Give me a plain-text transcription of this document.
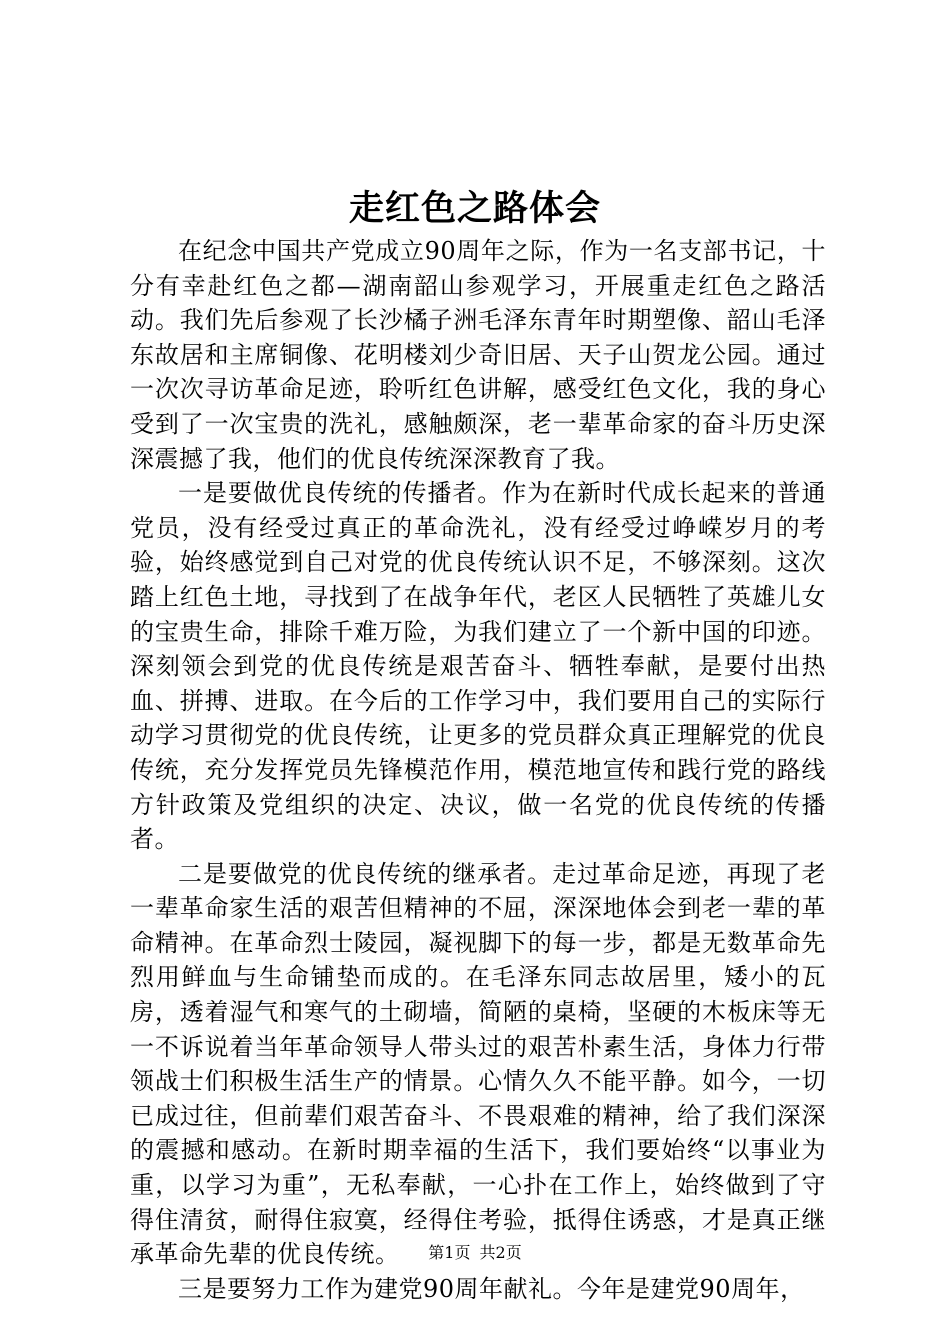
走红色之路体会

在纪念中国共产党成立90周年之际，作为一名支部书记，十分有幸赴红色之都—湖南韶山参观学习，开展重走红色之路活动。我们先后参观了长沙橘子洲毛泽东青年时期塑像、韶山毛泽东故居和主席铜像、花明楼刘少奇旧居、天子山贺龙公园。通过一次次寻访革命足迹，聆听红色讲解，感受红色文化，我的身心受到了一次宝贵的洗礼，感触颇深，老一辈革命家的奋斗历史深深震撼了我，他们的优良传统深深教育了我。

一是要做优良传统的传播者。作为在新时代成长起来的普通党员，没有经受过真正的革命洗礼，没有经受过峥嵘岁月的考验，始终感觉到自己对党的优良传统认识不足，不够深刻。这次踏上红色土地，寻找到了在战争年代，老区人民牺牲了英雄儿女的宝贵生命，排除千难万险，为我们建立了一个新中国的印迹。深刻领会到党的优良传统是艰苦奋斗、牺牲奉献，是要付出热血、拼搏、进取。在今后的工作学习中，我们要用自己的实际行动学习贯彻党的优良传统，让更多的党员群众真正理解党的优良传统，充分发挥党员先锋模范作用，模范地宣传和践行党的路线方针政策及党组织的决定、决议，做一名党的优良传统的传播者。

二是要做党的优良传统的继承者。走过革命足迹，再现了老一辈革命家生活的艰苦但精神的不屈，深深地体会到老一辈的革命精神。在革命烈士陵园，凝视脚下的每一步，都是无数革命先烈用鲜血与生命铺垫而成的。在毛泽东同志故居里，矮小的瓦房，透着湿气和寒气的土砌墙，简陋的桌椅，坚硬的木板床等无一不诉说着当年革命领导人带头过的艰苦朴素生活，身体力行带领战士们积极生活生产的情景。心情久久不能平静。如今，一切已成过往，但前辈们艰苦奋斗、不畏艰难的精神，给了我们深深的震撼和感动。在新时期幸福的生活下，我们要始终“以事业为重，以学习为重”，无私奉献，一心扑在工作上，始终做到了守得住清贫，耐得住寂寞，经得住考验，抵得住诱惑，才是真正继承革命先辈的优良传统。

三是要努力工作为建党90周年献礼。今年是建党90周年，

第1页 共2页
